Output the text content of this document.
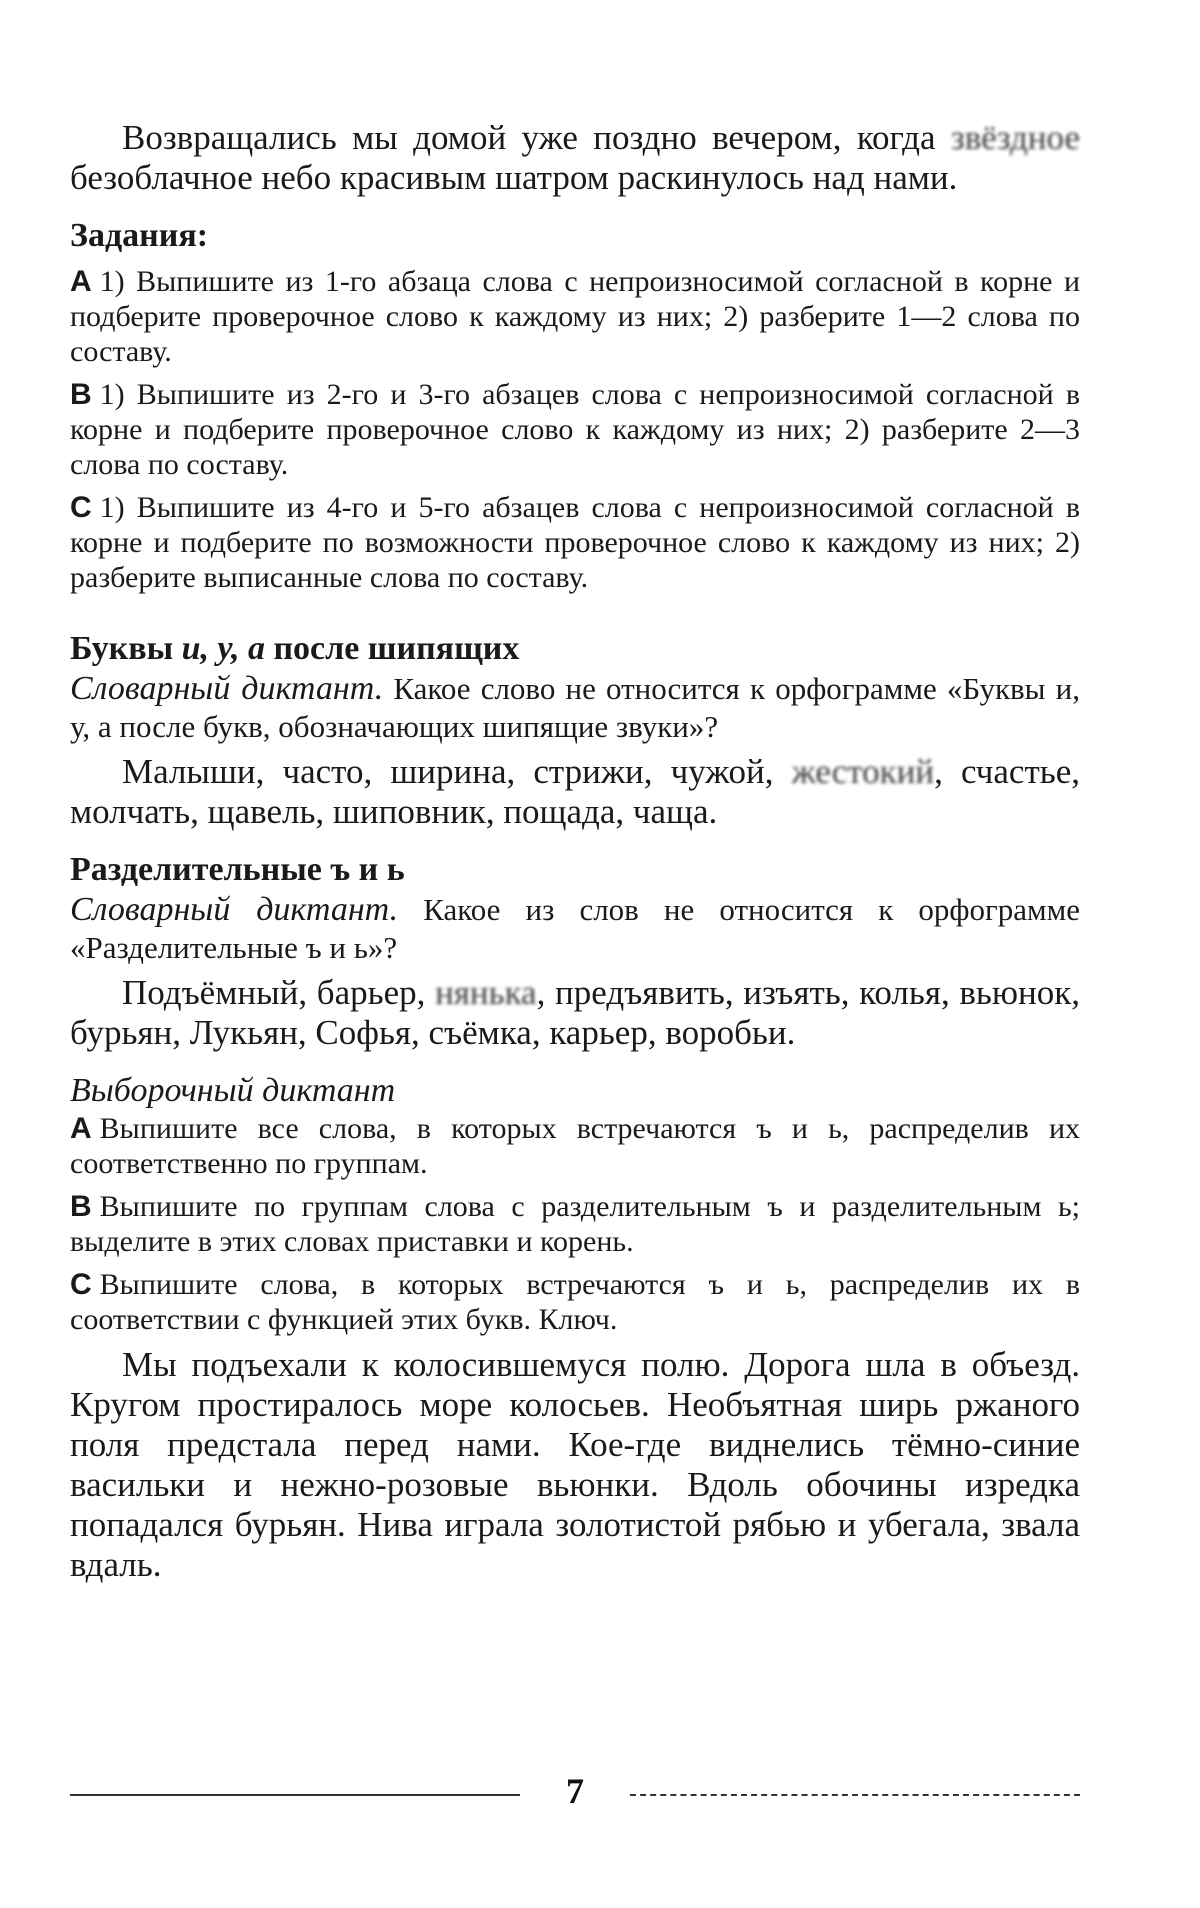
Возвращались мы домой уже поздно вечером, когда звёздное безоблачное небо красивым шатром раскинулось над нами.

Задания:

А 1) Выпишите из 1-го абзаца слова с непроизносимой согласной в корне и подберите проверочное слово к каждому из них; 2) разберите 1—2 слова по составу.

В 1) Выпишите из 2-го и 3-го абзацев слова с непроизносимой согласной в корне и подберите проверочное слово к каждому из них; 2) разберите 2—3 слова по составу.

С 1) Выпишите из 4-го и 5-го абзацев слова с непроизносимой согласной в корне и подберите по возможности проверочное слово к каждому из них; 2) разберите выписанные слова по составу.

Буквы и, у, а после шипящих

Словарный диктант. Какое слово не относится к орфограмме «Буквы и, у, а после букв, обозначающих шипящие звуки»?

Малыши, часто, ширина, стрижи, чужой, жестокий, счастье, молчать, щавель, шиповник, пощада, чаща.

Разделительные ъ и ь

Словарный диктант. Какое из слов не относится к орфограмме «Разделительные ъ и ь»?

Подъёмный, барьер, нянька, предъявить, изъять, колья, вьюнок, бурьян, Лукьян, Софья, съёмка, карьер, воробьи.

Выборочный диктант

А Выпишите все слова, в которых встречаются ъ и ь, распределив их соответственно по группам.

В Выпишите по группам слова с разделительным ъ и разделительным ь; выделите в этих словах приставки и корень.

С Выпишите слова, в которых встречаются ъ и ь, распределив их в соответствии с функцией этих букв. Ключ.

Мы подъехали к колосившемуся полю. Дорога шла в объезд. Кругом простиралось море колосьев. Необъятная ширь ржаного поля предстала перед нами. Кое-где виднелись тёмно-синие васильки и нежно-розовые вьюнки. Вдоль обочины изредка попадался бурьян. Нива играла золотистой рябью и убегала, звала вдаль.

7
